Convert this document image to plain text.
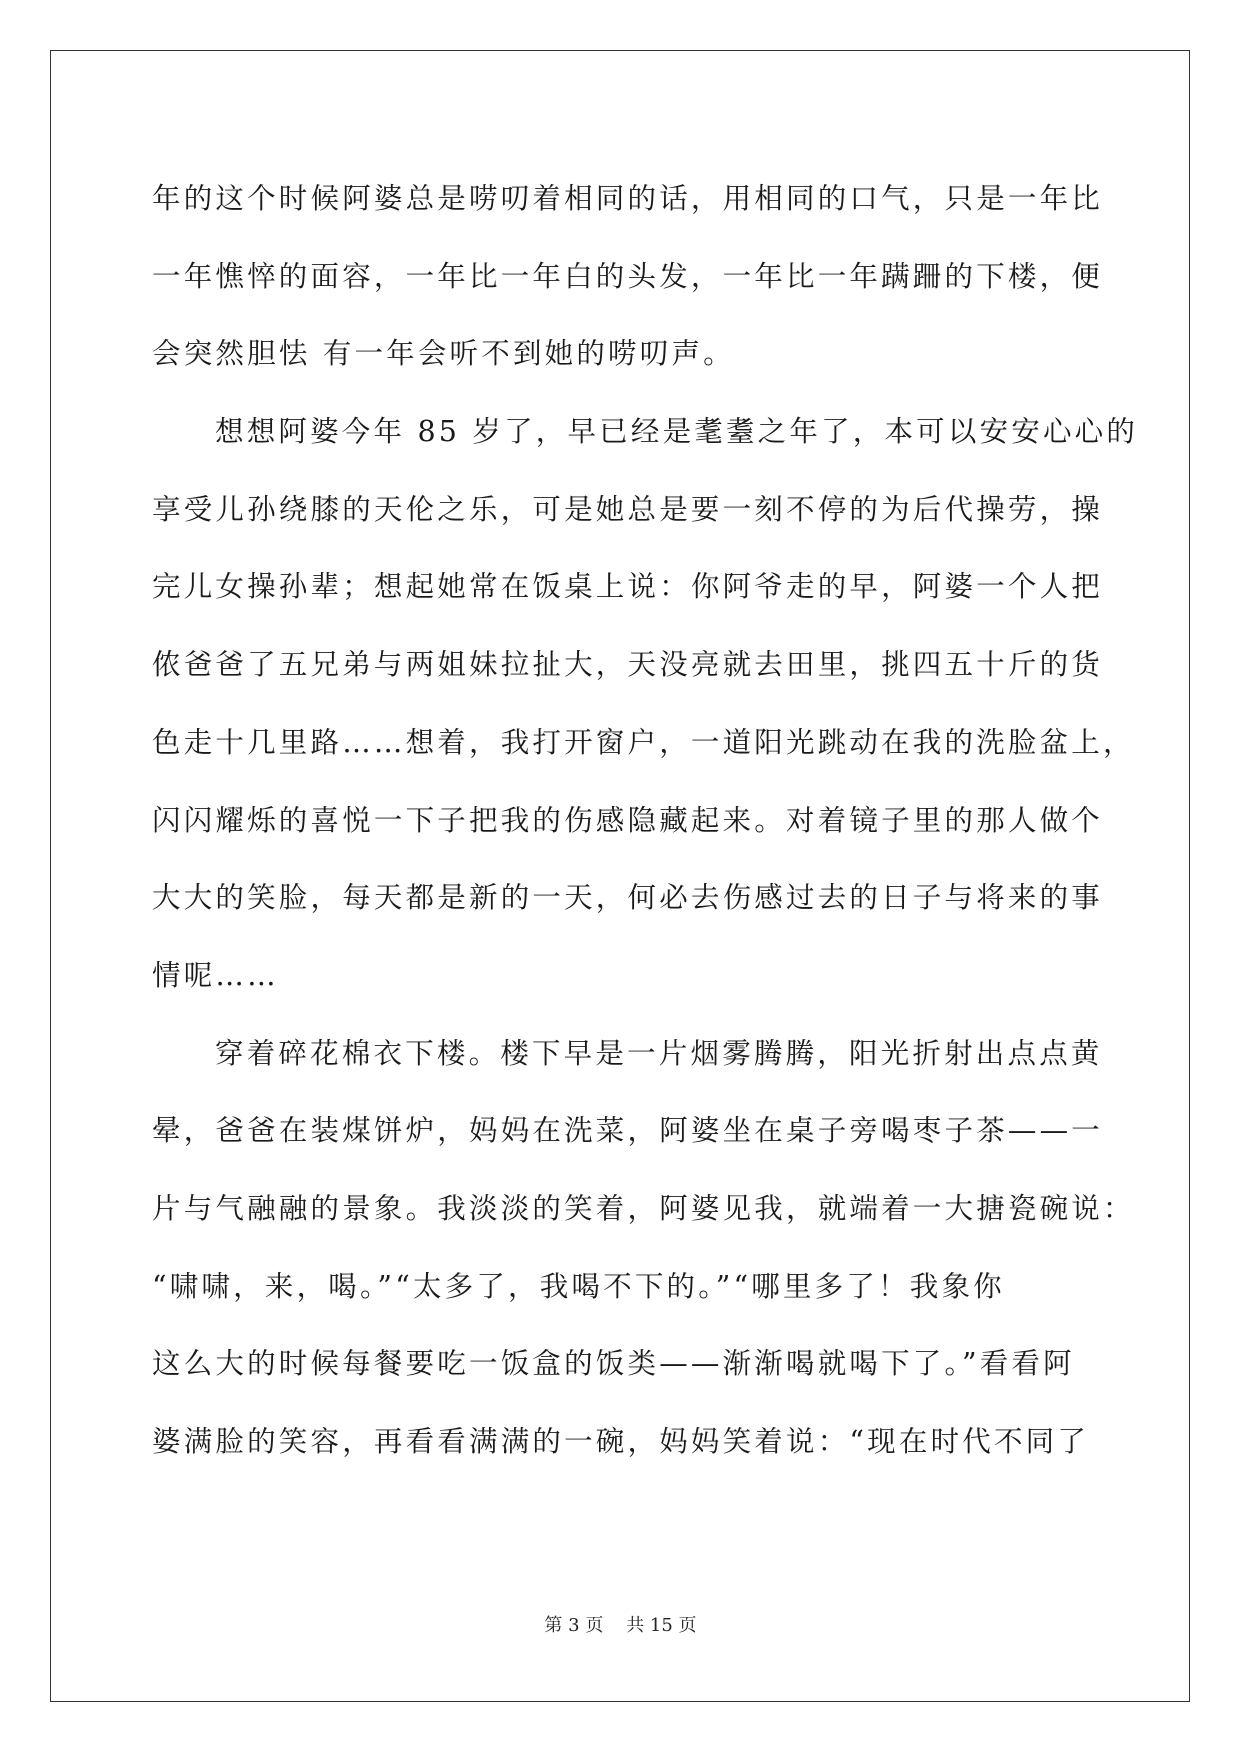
年的这个时候阿婆总是唠叨着相同的话，用相同的口气，只是一年比
一年憔悴的面容，一年比一年白的头发，一年比一年蹒跚的下楼，便
会突然胆怯 有一年会听不到她的唠叨声。
想想阿婆今年 85 岁了，早已经是耄耋之年了，本可以安安心心的
享受儿孙绕膝的天伦之乐，可是她总是要一刻不停的为后代操劳，操
完儿女操孙辈；想起她常在饭桌上说：你阿爷走的早，阿婆一个人把
侬爸爸了五兄弟与两姐妹拉扯大，天没亮就去田里，挑四五十斤的货
色走十几里路……想着，我打开窗户，一道阳光跳动在我的洗脸盆上，
闪闪耀烁的喜悦一下子把我的伤感隐藏起来。对着镜子里的那人做个
大大的笑脸，每天都是新的一天，何必去伤感过去的日子与将来的事
情呢……
穿着碎花棉衣下楼。楼下早是一片烟雾腾腾，阳光折射出点点黄
晕，爸爸在装煤饼炉，妈妈在洗菜，阿婆坐在桌子旁喝枣子茶——一
片与气融融的景象。我淡淡的笑着，阿婆见我，就端着一大搪瓷碗说：
“啸啸，来，喝。”“太多了，我喝不下的。”“哪里多了！我象你
这么大的时候每餐要吃一饭盒的饭类——渐渐喝就喝下了。”看看阿
婆满脸的笑容，再看看满满的一碗，妈妈笑着说：“现在时代不同了
第 3 页    共 15 页
